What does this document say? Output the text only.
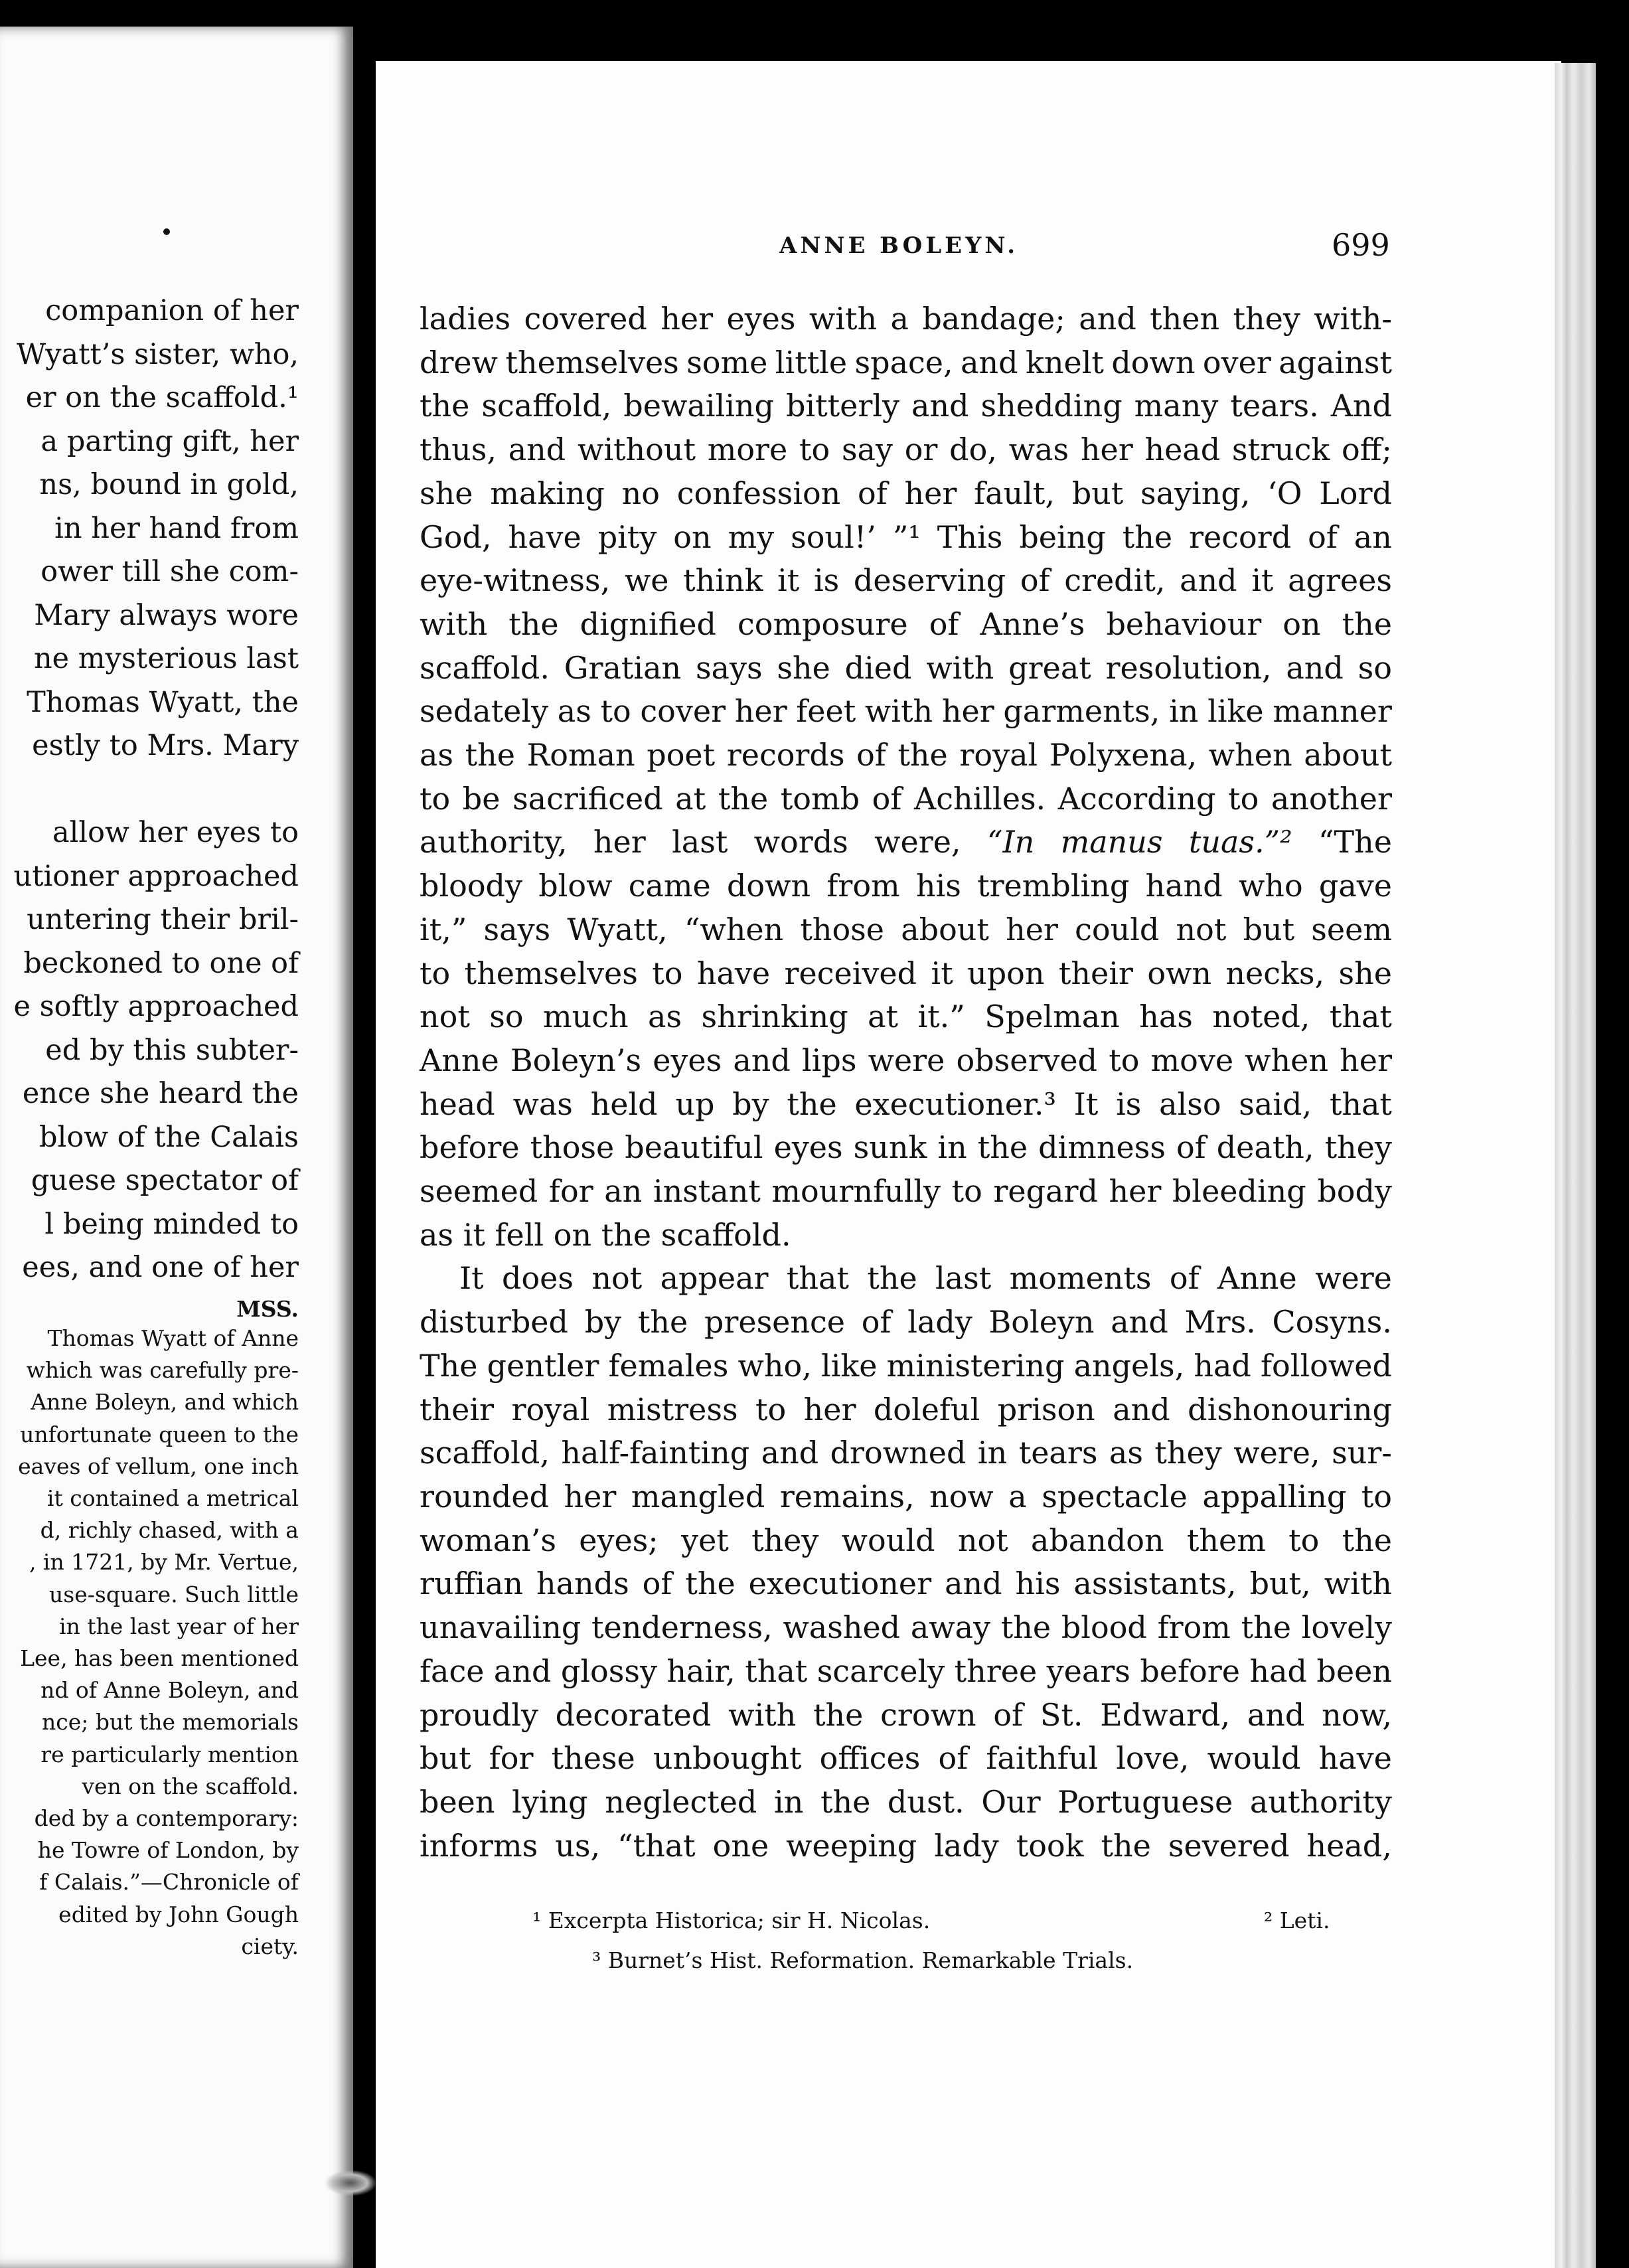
companion of her
Wyatt’s sister, who,
er on the scaffold.¹
a parting gift, her
ns, bound in gold,
in her hand from
ower till she com-
Mary always wore
ne mysterious last
Thomas Wyatt, the
estly to Mrs. Mary
allow her eyes to
utioner approached
untering their bril-
beckoned to one of
e softly approached
ed by this subter-
ence she heard the
blow of the Calais
guese spectator of
l being minded to
ees, and one of her
MSS.
Thomas Wyatt of Anne
which was carefully pre-
Anne Boleyn, and which
unfortunate queen to the
eaves of vellum, one inch
it contained a metrical
d, richly chased, with a
, in 1721, by Mr. Vertue,
use-square. Such little
in the last year of her
Lee, has been mentioned
nd of Anne Boleyn, and
nce; but the memorials
re particularly mention
ven on the scaffold.
ded by a contemporary:
he Towre of London, by
f Calais.”—Chronicle of
edited by John Gough
ciety.
ANNE BOLEYN.	699
ladies covered her eyes with a bandage; and then they with-
drew themselves some little space, and knelt down over against
the scaffold, bewailing bitterly and shedding many tears. And
thus, and without more to say or do, was her head struck off;
she making no confession of her fault, but saying, ‘O Lord
God, have pity on my soul!’ ”¹ This being the record of an
eye-witness, we think it is deserving of credit, and it agrees
with the dignified composure of Anne’s behaviour on the
scaffold. Gratian says she died with great resolution, and so
sedately as to cover her feet with her garments, in like manner
as the Roman poet records of the royal Polyxena, when about
to be sacrificed at the tomb of Achilles. According to another
authority, her last words were, “In manus tuas.”² “The
bloody blow came down from his trembling hand who gave
it,” says Wyatt, “when those about her could not but seem
to themselves to have received it upon their own necks, she
not so much as shrinking at it.” Spelman has noted, that
Anne Boleyn’s eyes and lips were observed to move when her
head was held up by the executioner.³ It is also said, that
before those beautiful eyes sunk in the dimness of death, they
seemed for an instant mournfully to regard her bleeding body
as it fell on the scaffold.
It does not appear that the last moments of Anne were
disturbed by the presence of lady Boleyn and Mrs. Cosyns.
The gentler females who, like ministering angels, had followed
their royal mistress to her doleful prison and dishonouring
scaffold, half-fainting and drowned in tears as they were, sur-
rounded her mangled remains, now a spectacle appalling to
woman’s eyes; yet they would not abandon them to the
ruffian hands of the executioner and his assistants, but, with
unavailing tenderness, washed away the blood from the lovely
face and glossy hair, that scarcely three years before had been
proudly decorated with the crown of St. Edward, and now,
but for these unbought offices of faithful love, would have
been lying neglected in the dust. Our Portuguese authority
informs us, “that one weeping lady took the severed head,
¹ Excerpta Historica; sir H. Nicolas.	² Leti.
³ Burnet’s Hist. Reformation. Remarkable Trials.
